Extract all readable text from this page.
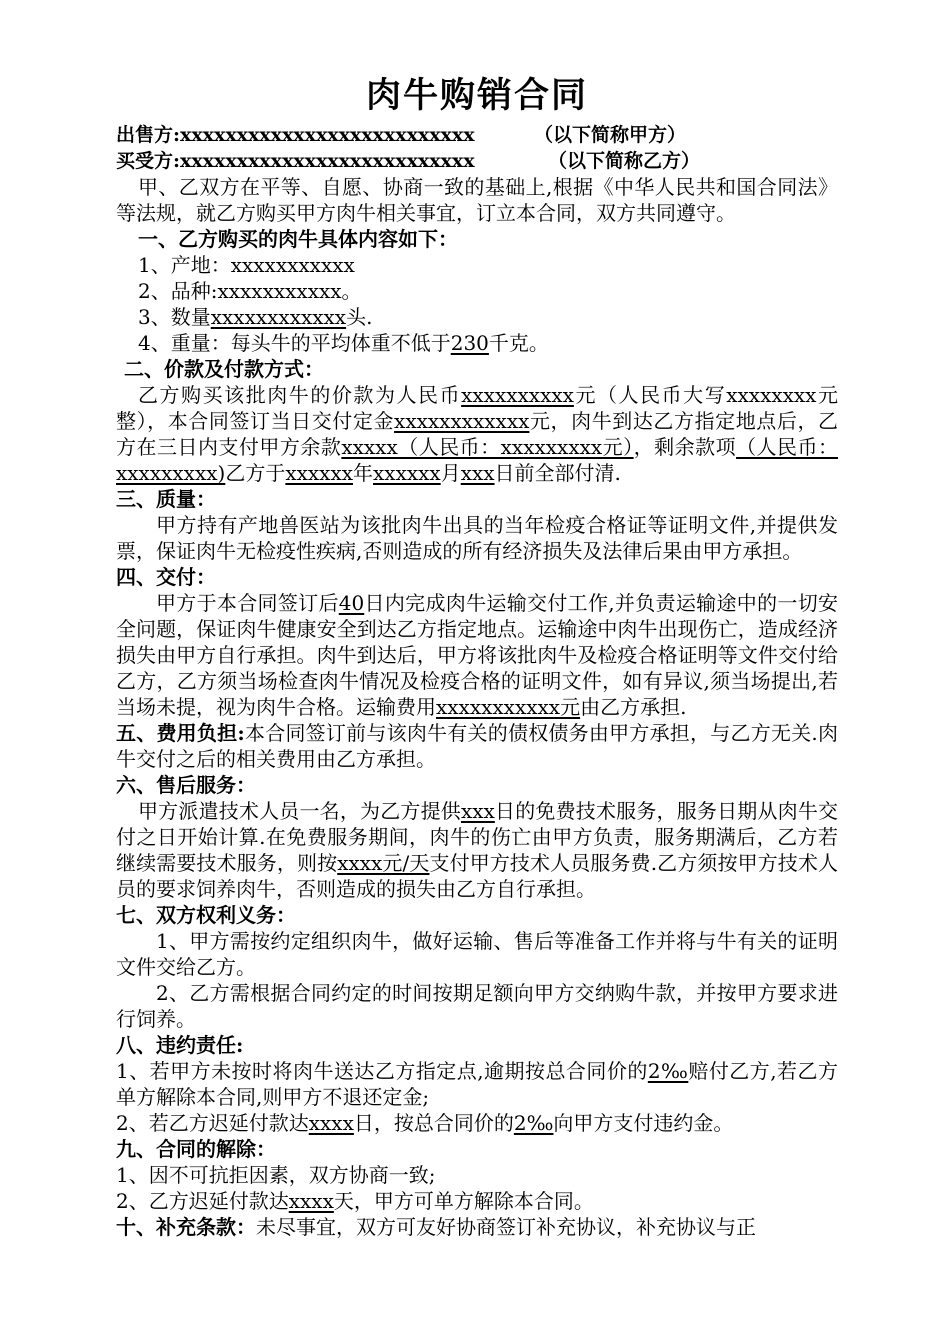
肉牛购销合同
出售方:xxxxxxxxxxxxxxxxxxxxxxxxxx	（以下简称甲方）
买受方:xxxxxxxxxxxxxxxxxxxxxxxxxx	（以下简称乙方）

甲、乙双方在平等、自愿、协商一致的基础上,根据《中华人民共和国合同法》等法规，就乙方购买甲方肉牛相关事宜，订立本合同，双方共同遵守。

一、乙方购买的肉牛具体内容如下：

1、产地：xxxxxxxxxxx

2、品种:xxxxxxxxxxx。

3、数量xxxxxxxxxxxx头.

4、重量：每头牛的平均体重不低于230千克。

二、价款及付款方式：

乙方购买该批肉牛的价款为人民币xxxxxxxxxx元（人民币大写xxxxxxxx元整），本合同签订当日交付定金xxxxxxxxxxxx元，肉牛到达乙方指定地点后，乙方在三日内支付甲方余款xxxxx（人民币：xxxxxxxxx元），剩余款项（人民币：xxxxxxxxx)乙方于xxxxxx年xxxxxx月xxx日前全部付清.

三、质量：

甲方持有产地兽医站为该批肉牛出具的当年检疫合格证等证明文件,并提供发票，保证肉牛无检疫性疾病,否则造成的所有经济损失及法律后果由甲方承担。

四、交付：

甲方于本合同签订后40日内完成肉牛运输交付工作,并负责运输途中的一切安全问题，保证肉牛健康安全到达乙方指定地点。运输途中肉牛出现伤亡，造成经济损失由甲方自行承担。肉牛到达后，甲方将该批肉牛及检疫合格证明等文件交付给乙方，乙方须当场检查肉牛情况及检疫合格的证明文件，如有异议,须当场提出,若当场未提，视为肉牛合格。运输费用xxxxxxxxxxx元由乙方承担.

五、费用负担:本合同签订前与该肉牛有关的债权债务由甲方承担，与乙方无关.肉牛交付之后的相关费用由乙方承担。

六、售后服务：

甲方派遣技术人员一名，为乙方提供xxx日的免费技术服务，服务日期从肉牛交付之日开始计算.在免费服务期间，肉牛的伤亡由甲方负责，服务期满后，乙方若继续需要技术服务，则按xxxx元/天支付甲方技术人员服务费.乙方须按甲方技术人员的要求饲养肉牛，否则造成的损失由乙方自行承担。

七、双方权利义务：

1、甲方需按约定组织肉牛，做好运输、售后等准备工作并将与牛有关的证明文件交给乙方。

2、乙方需根据合同约定的时间按期足额向甲方交纳购牛款，并按甲方要求进行饲养。

八、违约责任:

1、若甲方未按时将肉牛送达乙方指定点,逾期按总合同价的2‰赔付乙方,若乙方单方解除本合同,则甲方不退还定金;

2、若乙方迟延付款达xxxx日，按总合同价的2‰向甲方支付违约金。

九、合同的解除：

1、因不可抗拒因素，双方协商一致;

2、乙方迟延付款达xxxx天，甲方可单方解除本合同。

十、补充条款：未尽事宜，双方可友好协商签订补充协议，补充协议与正
